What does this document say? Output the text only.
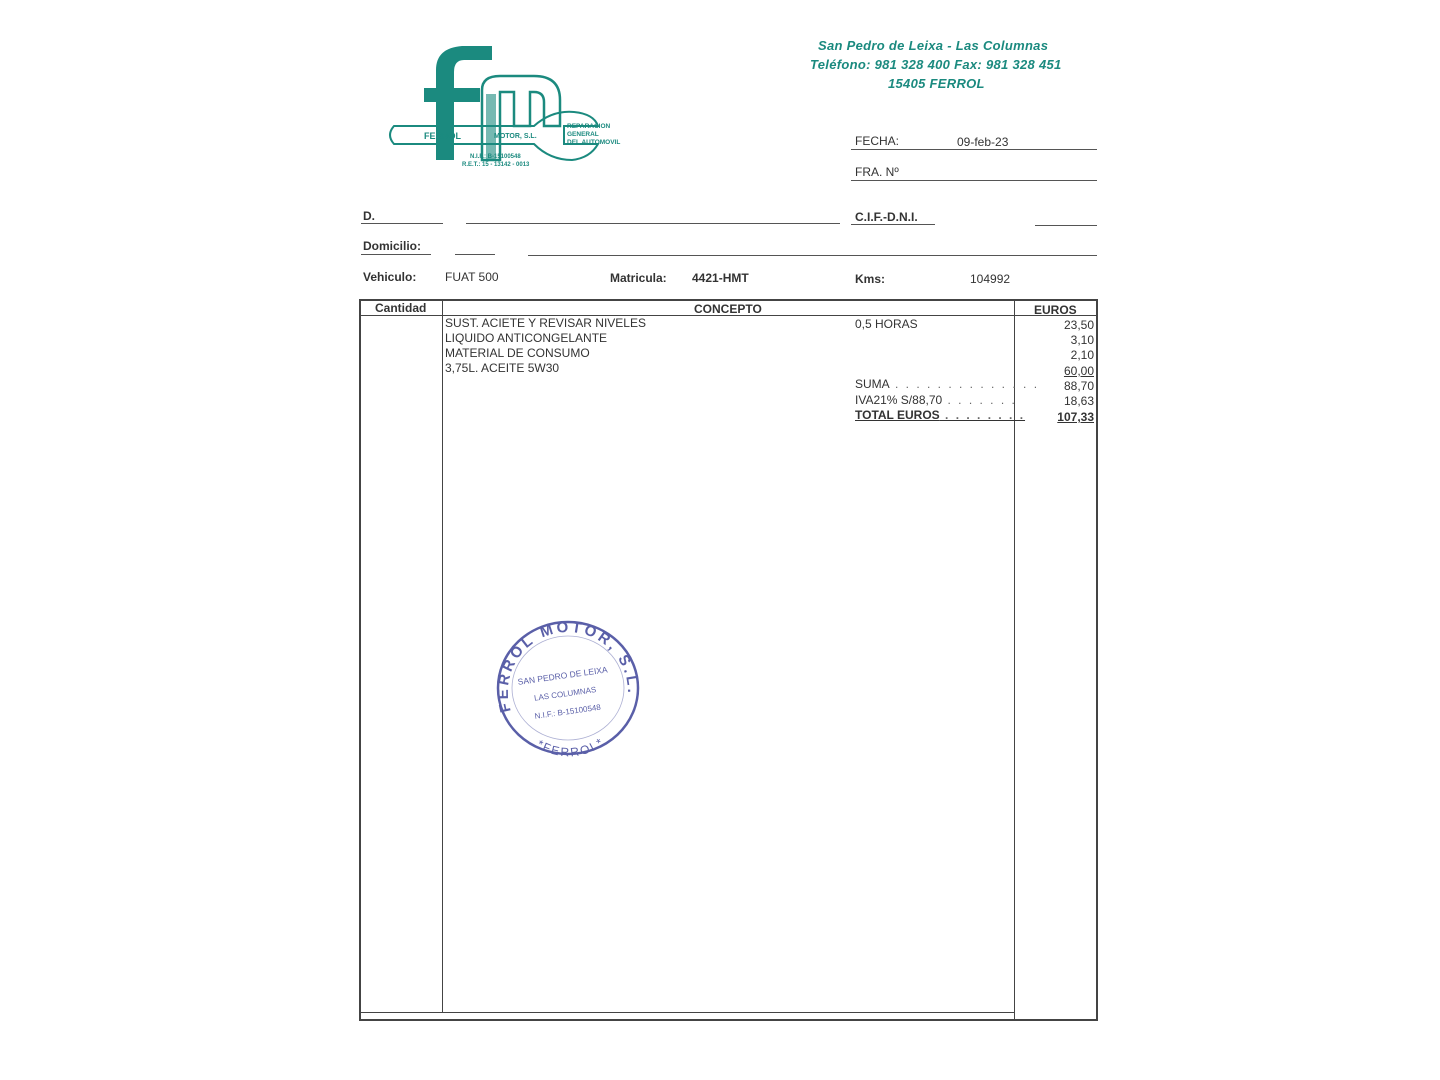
FERROL	MOTOR, S.L.
REPARACION
GENERAL
DEL AUTOMOVIL
N.I.F.: B-15100548
R.E.T.: 15 - 13142 - 0013
San Pedro de Leixa - Las Columnas
Teléfono: 981 328 400 Fax: 981 328 451
15405 FERROL
FECHA:	09-feb-23
FRA. Nº
D.	C.I.F.-D.N.I.
Domicilio:
Vehiculo: FUAT 500	Matricula: 4421-HMT	Kms:	104992
Cantidad	CONCEPTO	EUROS
SUST. ACIETE Y REVISAR NIVELES	0,5 HORAS	23,50
LIQUIDO ANTICONGELANTE	3,10
MATERIAL DE CONSUMO	2,10
3,75L. ACEITE 5W30	60,00
SUMA . . . . . . . . . . . . . .	88,70
IVA21% S/88,70 . . . . . . .	18,63
TOTAL EUROS . . . . . . . .	107,33
FERROL MOTOR, S.L.
*FERROL*
SAN PEDRO DE LEIXA
LAS COLUMNAS
N.I.F.: B-15100548
